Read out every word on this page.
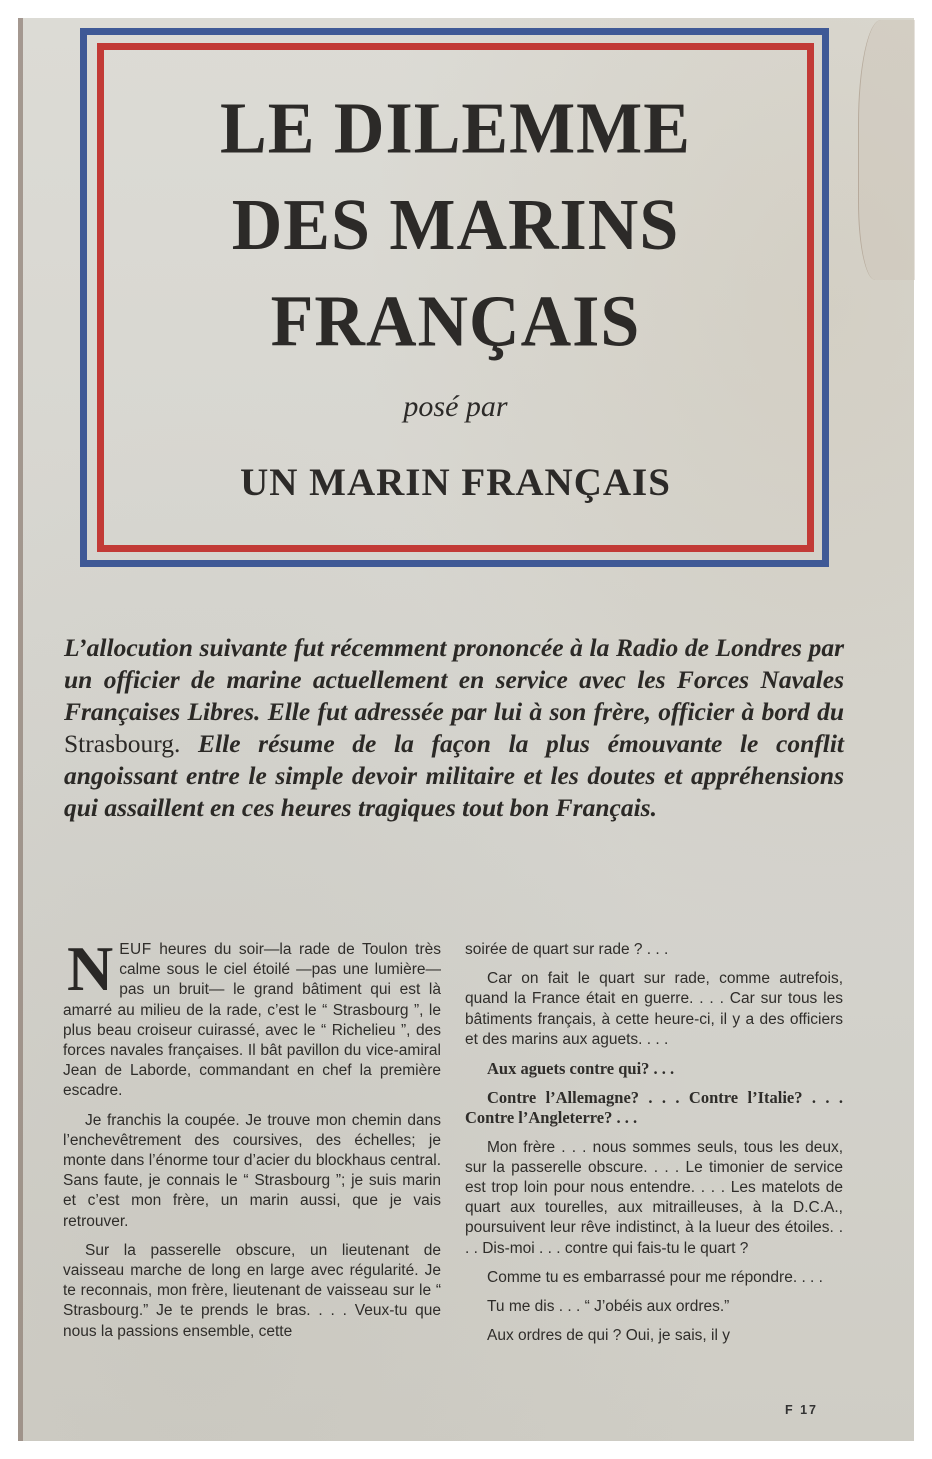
LE DILEMME
DES MARINS
FRANÇAIS
posé par
UN MARIN FRANÇAIS
L’allocution suivante fut récemment prononcée à la Radio de Londres par un officier de marine actuellement en service avec les Forces Navales Françaises Libres. Elle fut adressée par lui à son frère, officier à bord du Strasbourg. Elle résume de la façon la plus émouvante le conflit angoissant entre le simple devoir militaire et les doutes et appréhensions qui assaillent en ces heures tragiques tout bon Français.

NEUF heures du soir—la rade de Toulon très calme sous le ciel étoilé —pas une lumière—pas un bruit— le grand bâtiment qui est là amarré au milieu de la rade, c’est le “ Strasbourg ”, le plus beau croiseur cuirassé, avec le “ Richelieu ”, des forces navales françaises. Il bât pavillon du vice-amiral Jean de Laborde, commandant en chef la première escadre.

Je franchis la coupée. Je trouve mon chemin dans l’enchevêtrement des coursives, des échelles; je monte dans l’énorme tour d’acier du blockhaus central. Sans faute, je connais le “ Strasbourg ”; je suis marin et c’est mon frère, un marin aussi, que je vais retrouver.

Sur la passerelle obscure, un lieutenant de vaisseau marche de long en large avec régularité. Je te reconnais, mon frère, lieutenant de vaisseau sur le “ Strasbourg.” Je te prends le bras. . . . Veux-tu que nous la passions ensemble, cette

soirée de quart sur rade ? . . .

Car on fait le quart sur rade, comme autrefois, quand la France était en guerre. . . . Car sur tous les bâtiments français, à cette heure-ci, il y a des officiers et des marins aux aguets. . . .

Aux aguets contre qui? . . .

Contre l’Allemagne? . . . Contre l’Italie? . . . Contre l’Angleterre? . . .

Mon frère . . . nous sommes seuls, tous les deux, sur la passerelle obscure. . . . Le timonier de service est trop loin pour nous entendre. . . . Les matelots de quart aux tourelles, aux mitrailleuses, à la D.C.A., poursuivent leur rêve indistinct, à la lueur des étoiles. . . . Dis-moi . . . contre qui fais-tu le quart ?

Comme tu es embarrassé pour me répondre. . . .

Tu me dis . . . “ J’obéis aux ordres.”

Aux ordres de qui ? Oui, je sais, il y

F 17
